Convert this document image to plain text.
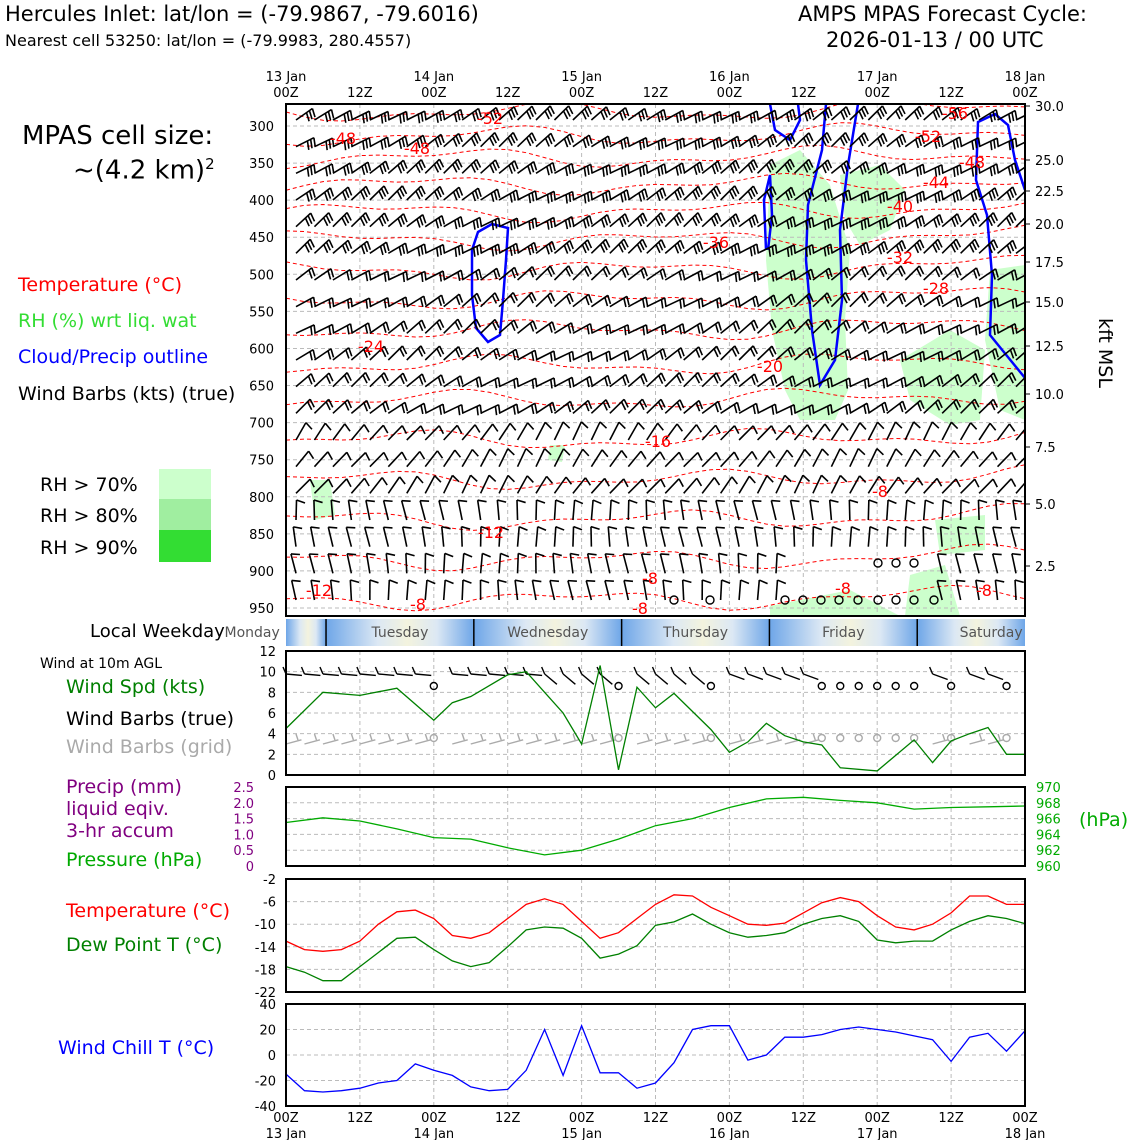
Hercules Inlet: lat/lon = (-79.9867, -79.6016)
Nearest cell 53250: lat/lon = (-79.9983, 280.4557)
AMPS MPAS Forecast Cycle:
2026-01-13 / 00 UTC
MPAS cell size:
~(4.2 km)$^2$
Temperature (°C)
RH (%) wrt liq. wat
Cloud/Precip outline
Wind Barbs (kts) (true)
RH > 70%
RH > 80%
RH > 90%
Local Weekday
Wind at 10m AGL
Wind Spd (kts)
Wind Barbs (true)
Wind Barbs (grid)
Precip (mm)
liquid eqiv.
3-hr accum
Pressure (hPa)
Temperature (°C)
Dew Point T (°C)
Wind Chill T (°C)
(hPa)
kft MSL
-52
-48
-48
-36
-24
-12
-12
-8
-56
-52
-48
-44
-40
-32
-28
-20
-16
-8
-8
-8
-8
-8
300
350
400
450
500
550
600
650
700
750
800
850
900
950
30.0
25.0
22.5
20.0
17.5
15.0
12.5
10.0
7.5
5.0
2.5
00Z	12Z	00Z	12Z	00Z	12Z	00Z	12Z	00Z	12Z	00Z
13 Jan	14 Jan	15 Jan	16 Jan	17 Jan	18 Jan
Monday	Tuesday	Wednesday	Thursday	Friday	Saturday
0
2
4
6
8
10
12
0
0.5
1.0
1.5
2.0
2.5
960
962
964
966
968
970
-22
-18
-14
-10
-6
-2
-40
-20
0
20
40
00Z	12Z	00Z	12Z	00Z	12Z	00Z	12Z	00Z	12Z	00Z
13 Jan	14 Jan	15 Jan	16 Jan	17 Jan	18 Jan
